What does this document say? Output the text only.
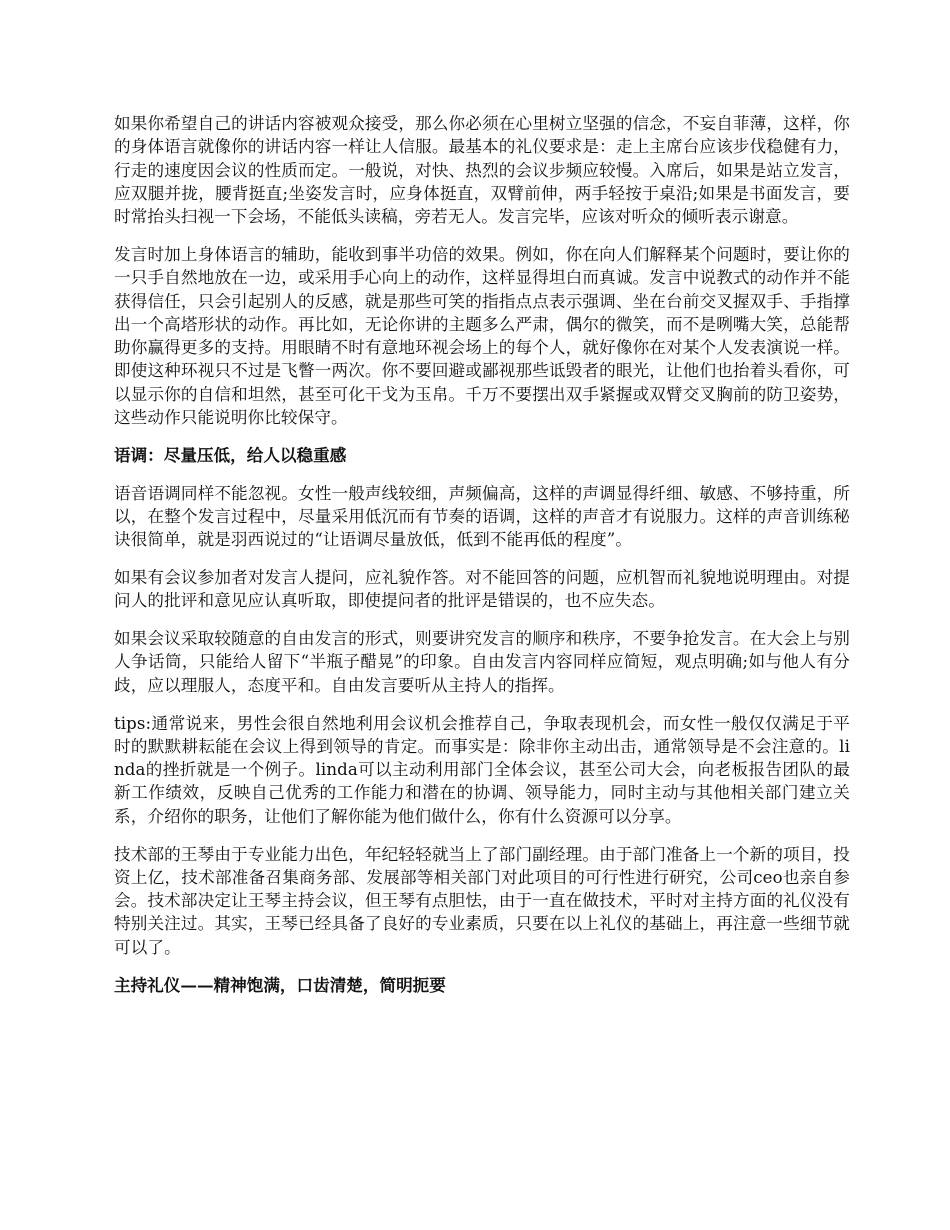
如果你希望自己的讲话内容被观众接受，那么你必须在心里树立坚强的信念，不妄自菲薄，这样，你的身体语言就像你的讲话内容一样让人信服。最基本的礼仪要求是：走上主席台应该步伐稳健有力，行走的速度因会议的性质而定。一般说，对快、热烈的会议步频应较慢。入席后，如果是站立发言，应双腿并拢，腰背挺直;坐姿发言时，应身体挺直，双臂前伸，两手轻按于桌沿;如果是书面发言，要时常抬头扫视一下会场，不能低头读稿，旁若无人。发言完毕，应该对听众的倾听表示谢意。

发言时加上身体语言的辅助，能收到事半功倍的效果。例如，你在向人们解释某个问题时，要让你的一只手自然地放在一边，或采用手心向上的动作，这样显得坦白而真诚。发言中说教式的动作并不能获得信任，只会引起别人的反感，就是那些可笑的指指点点表示强调、坐在台前交叉握双手、手指撑出一个高塔形状的动作。再比如，无论你讲的主题多么严肃，偶尔的微笑，而不是咧嘴大笑，总能帮助你赢得更多的支持。用眼睛不时有意地环视会场上的每个人，就好像你在对某个人发表演说一样。即使这种环视只不过是飞瞥一两次。你不要回避或鄙视那些诋毁者的眼光，让他们也抬着头看你，可以显示你的自信和坦然，甚至可化干戈为玉帛。千万不要摆出双手紧握或双臂交叉胸前的防卫姿势，这些动作只能说明你比较保守。

语调：尽量压低，给人以稳重感

语音语调同样不能忽视。女性一般声线较细，声频偏高，这样的声调显得纤细、敏感、不够持重，所以，在整个发言过程中，尽量采用低沉而有节奏的语调，这样的声音才有说服力。这样的声音训练秘诀很简单，就是羽西说过的“让语调尽量放低，低到不能再低的程度”。

如果有会议参加者对发言人提问，应礼貌作答。对不能回答的问题，应机智而礼貌地说明理由。对提问人的批评和意见应认真听取，即使提问者的批评是错误的，也不应失态。

如果会议采取较随意的自由发言的形式，则要讲究发言的顺序和秩序，不要争抢发言。在大会上与别人争话筒，只能给人留下“半瓶子醋晃”的印象。自由发言内容同样应简短，观点明确;如与他人有分歧，应以理服人，态度平和。自由发言要听从主持人的指挥。

tips:通常说来，男性会很自然地利用会议机会推荐自己，争取表现机会，而女性一般仅仅满足于平时的默默耕耘能在会议上得到领导的肯定。而事实是：除非你主动出击，通常领导是不会注意的。linda的挫折就是一个例子。linda可以主动利用部门全体会议，甚至公司大会，向老板报告团队的最新工作绩效，反映自己优秀的工作能力和潜在的协调、领导能力，同时主动与其他相关部门建立关系，介绍你的职务，让他们了解你能为他们做什么，你有什么资源可以分享。

技术部的王琴由于专业能力出色，年纪轻轻就当上了部门副经理。由于部门准备上一个新的项目，投资上亿，技术部准备召集商务部、发展部等相关部门对此项目的可行性进行研究，公司ceo也亲自参会。技术部决定让王琴主持会议，但王琴有点胆怯，由于一直在做技术，平时对主持方面的礼仪没有特别关注过。其实，王琴已经具备了良好的专业素质，只要在以上礼仪的基础上，再注意一些细节就可以了。

主持礼仪——精神饱满，口齿清楚，简明扼要
